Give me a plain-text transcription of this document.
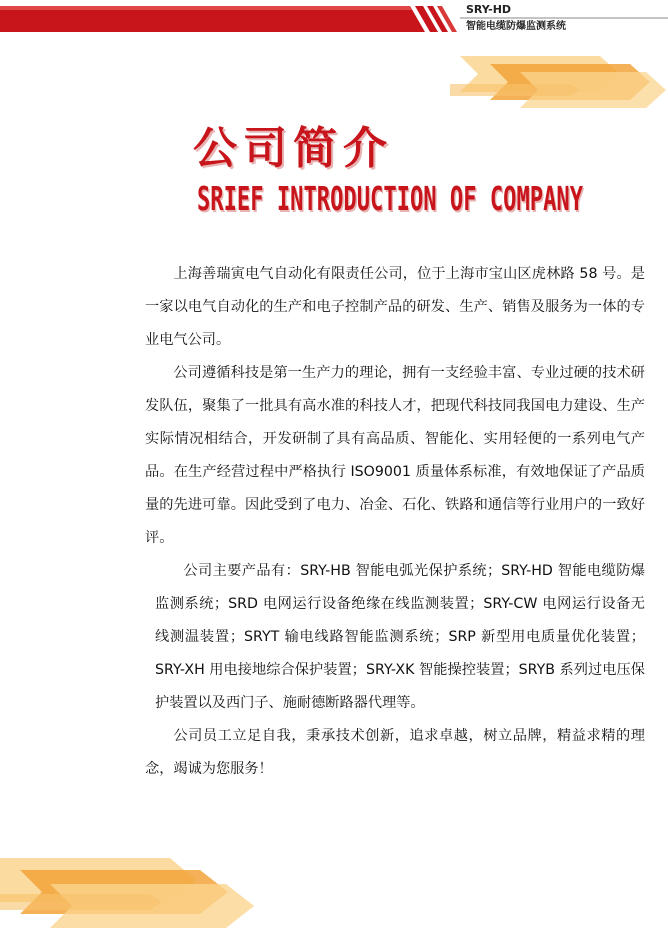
SRY-HD
智能电缆防爆监测系统
公司简介
SRIEF INTRODUCTION OF COMPANY

上海善瑞寅电气自动化有限责任公司，位于上海市宝山区虎林路 58 号。是一家以电气自动化的生产和电子控制产品的研发、生产、销售及服务为一体的专业电气公司。

公司遵循科技是第一生产力的理论，拥有一支经验丰富、专业过硬的技术研发队伍，聚集了一批具有高水准的科技人才，把现代科技同我国电力建设、生产实际情况相结合，开发研制了具有高品质、智能化、实用轻便的一系列电气产品。在生产经营过程中严格执行 ISO9001 质量体系标准，有效地保证了产品质量的先进可靠。因此受到了电力、冶金、石化、铁路和通信等行业用户的一致好评。

公司主要产品有：SRY-HB 智能电弧光保护系统；SRY-HD 智能电缆防爆监测系统；SRD 电网运行设备绝缘在线监测装置；SRY-CW 电网运行设备无线测温装置；SRYT 输电线路智能监测系统；SRP 新型用电质量优化装置；SRY-XH 用电接地综合保护装置；SRY-XK 智能操控装置；SRYB 系列过电压保护装置以及西门子、施耐德断路器代理等。

公司员工立足自我，秉承技术创新，追求卓越，树立品牌，精益求精的理念，竭诚为您服务！
